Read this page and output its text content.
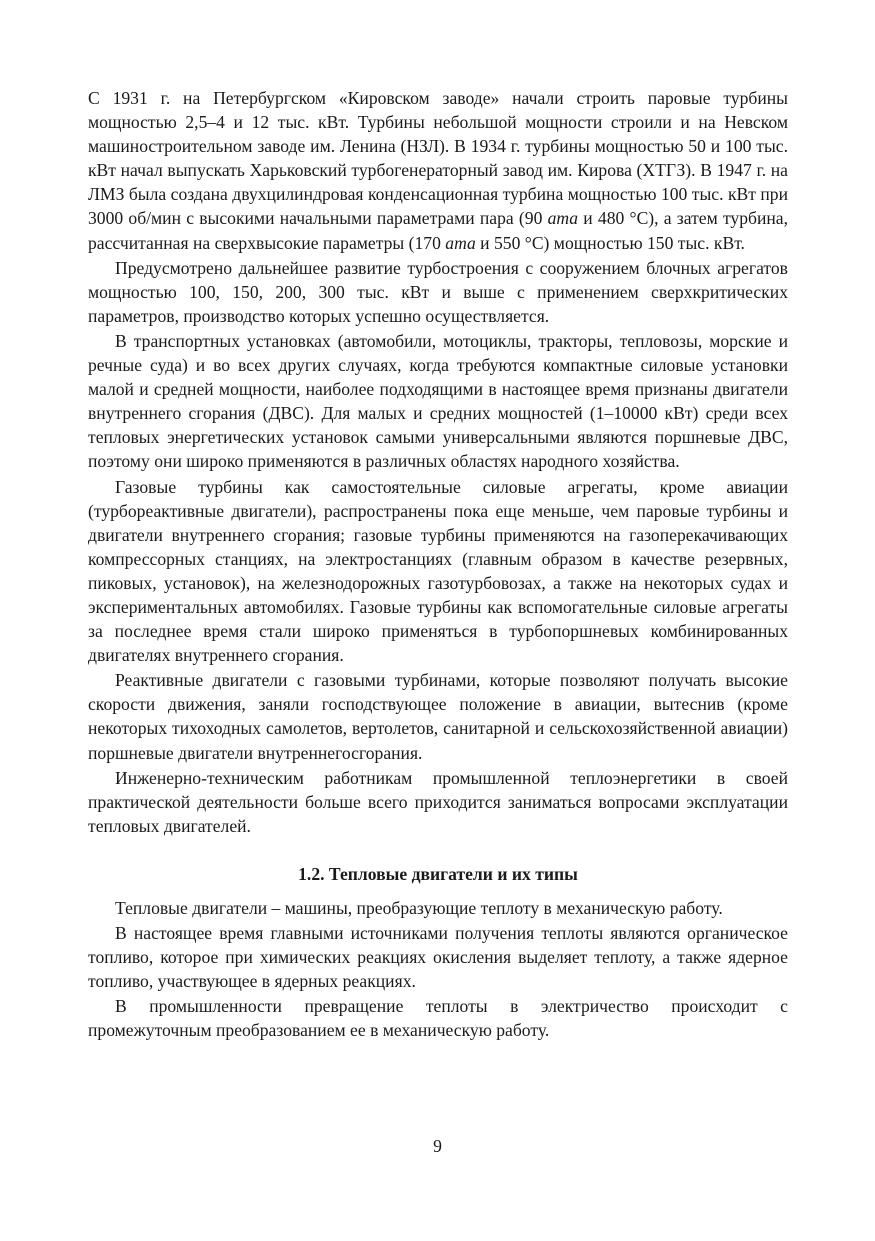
С 1931 г. на Петербургском «Кировском заводе» начали строить паровые турбины мощностью 2,5–4 и 12 тыс. кВт. Турбины небольшой мощности строили и на Невском машиностроительном заводе им. Ленина (НЗЛ). В 1934 г. турбины мощностью 50 и 100 тыс. кВт начал выпускать Харьковский турбогенераторный завод им. Кирова (ХТГЗ). В 1947 г. на ЛМЗ была создана двухцилиндровая конденсационная турбина мощностью 100 тыс. кВт при 3000 об/мин с высокими начальными параметрами пара (90 ата и 480 °С), а затем турбина, рассчитанная на сверхвысокие параметры (170 ата и 550 °С) мощностью 150 тыс. кВт.

Предусмотрено дальнейшее развитие турбостроения с сооружением блочных агрегатов мощностью 100, 150, 200, 300 тыс. кВт и выше с применением сверхкритических параметров, производство которых успешно осуществляется.

В транспортных установках (автомобили, мотоциклы, тракторы, тепловозы, морские и речные суда) и во всех других случаях, когда требуются компактные силовые установки малой и средней мощности, наиболее подходящими в настоящее время признаны двигатели внутреннего сгорания (ДВС). Для малых и средних мощностей (1–10000 кВт) среди всех тепловых энергетических установок самыми универсальными являются поршневые ДВС, поэтому они широко применяются в различных областях народного хозяйства.

Газовые турбины как самостоятельные силовые агрегаты, кроме авиации (турбореактивные двигатели), распространены пока еще меньше, чем паровые турбины и двигатели внутреннего сгорания; газовые турбины применяются на газоперекачивающих компрессорных станциях, на электростанциях (главным образом в качестве резервных, пиковых, установок), на железнодорожных газотурбовозах, а также на некоторых судах и экспериментальных автомобилях. Газовые турбины как вспомогательные силовые агрегаты за последнее время стали широко применяться в турбопоршневых комбинированных двигателях внутреннего сгорания.

Реактивные двигатели с газовыми турбинами, которые позволяют получать высокие скорости движения, заняли господствующее положение в авиации, вытеснив (кроме некоторых тихоходных самолетов, вертолетов, санитарной и сельскохозяйственной авиации) поршневые двигатели внутреннегосгорания.

Инженерно-техническим работникам промышленной теплоэнергетики в своей практической деятельности больше всего приходится заниматься вопросами эксплуатации тепловых двигателей.

1.2. Тепловые двигатели и их типы

Тепловые двигатели – машины, преобразующие теплоту в механическую работу.

В настоящее время главными источниками получения теплоты являются органическое топливо, которое при химических реакциях окисления выделяет теплоту, а также ядерное топливо, участвующее в ядерных реакциях.

В промышленности превращение теплоты в электричество происходит с промежуточным преобразованием ее в механическую работу.

9
